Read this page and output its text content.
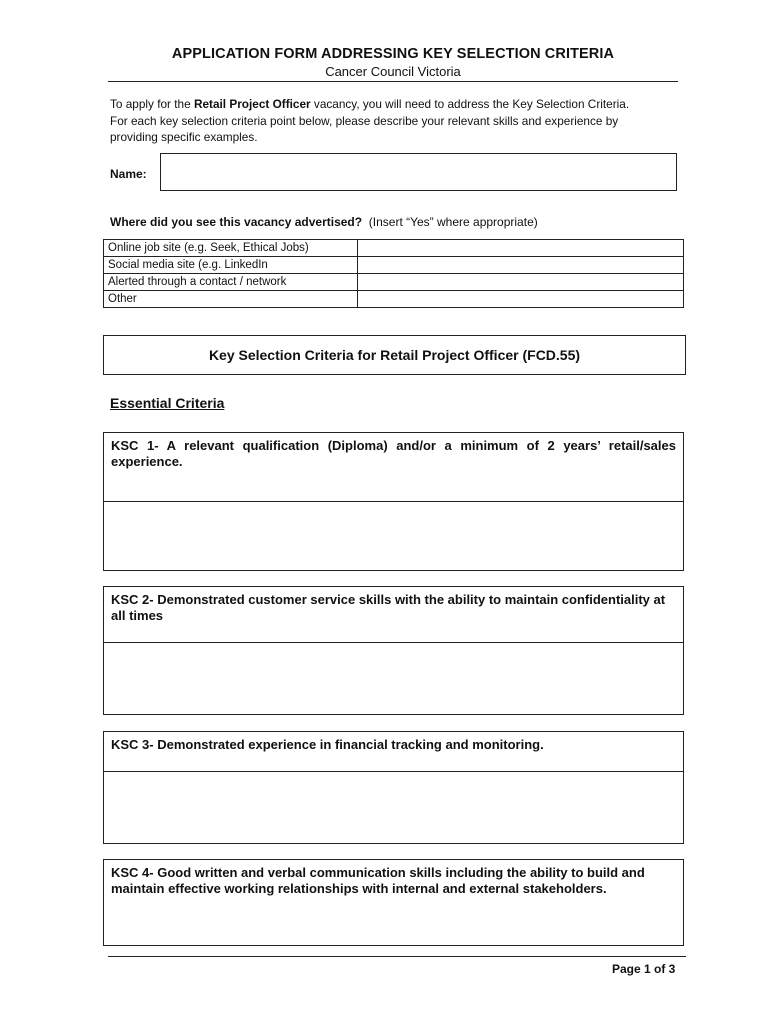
APPLICATION FORM ADDRESSING KEY SELECTION CRITERIA
Cancer Council Victoria
To apply for the Retail Project Officer vacancy, you will need to address the Key Selection Criteria. For each key selection criteria point below, please describe your relevant skills and experience by providing specific examples.
Name:
Where did you see this vacancy advertised? (Insert “Yes” where appropriate)
Online job site (e.g. Seek, Ethical Jobs)	
Social media site (e.g. LinkedIn	
Alerted through a contact / network	
Other	
Key Selection Criteria for Retail Project Officer (FCD.55)
Essential Criteria
KSC 1- A relevant qualification (Diploma) and/or a minimum of 2 years’ retail/sales experience.
KSC 2- Demonstrated customer service skills with the ability to maintain confidentiality at all times
KSC 3- Demonstrated experience in financial tracking and monitoring.
KSC 4- Good written and verbal communication skills including the ability to build and maintain effective working relationships with internal and external stakeholders.
Page 1 of 3
